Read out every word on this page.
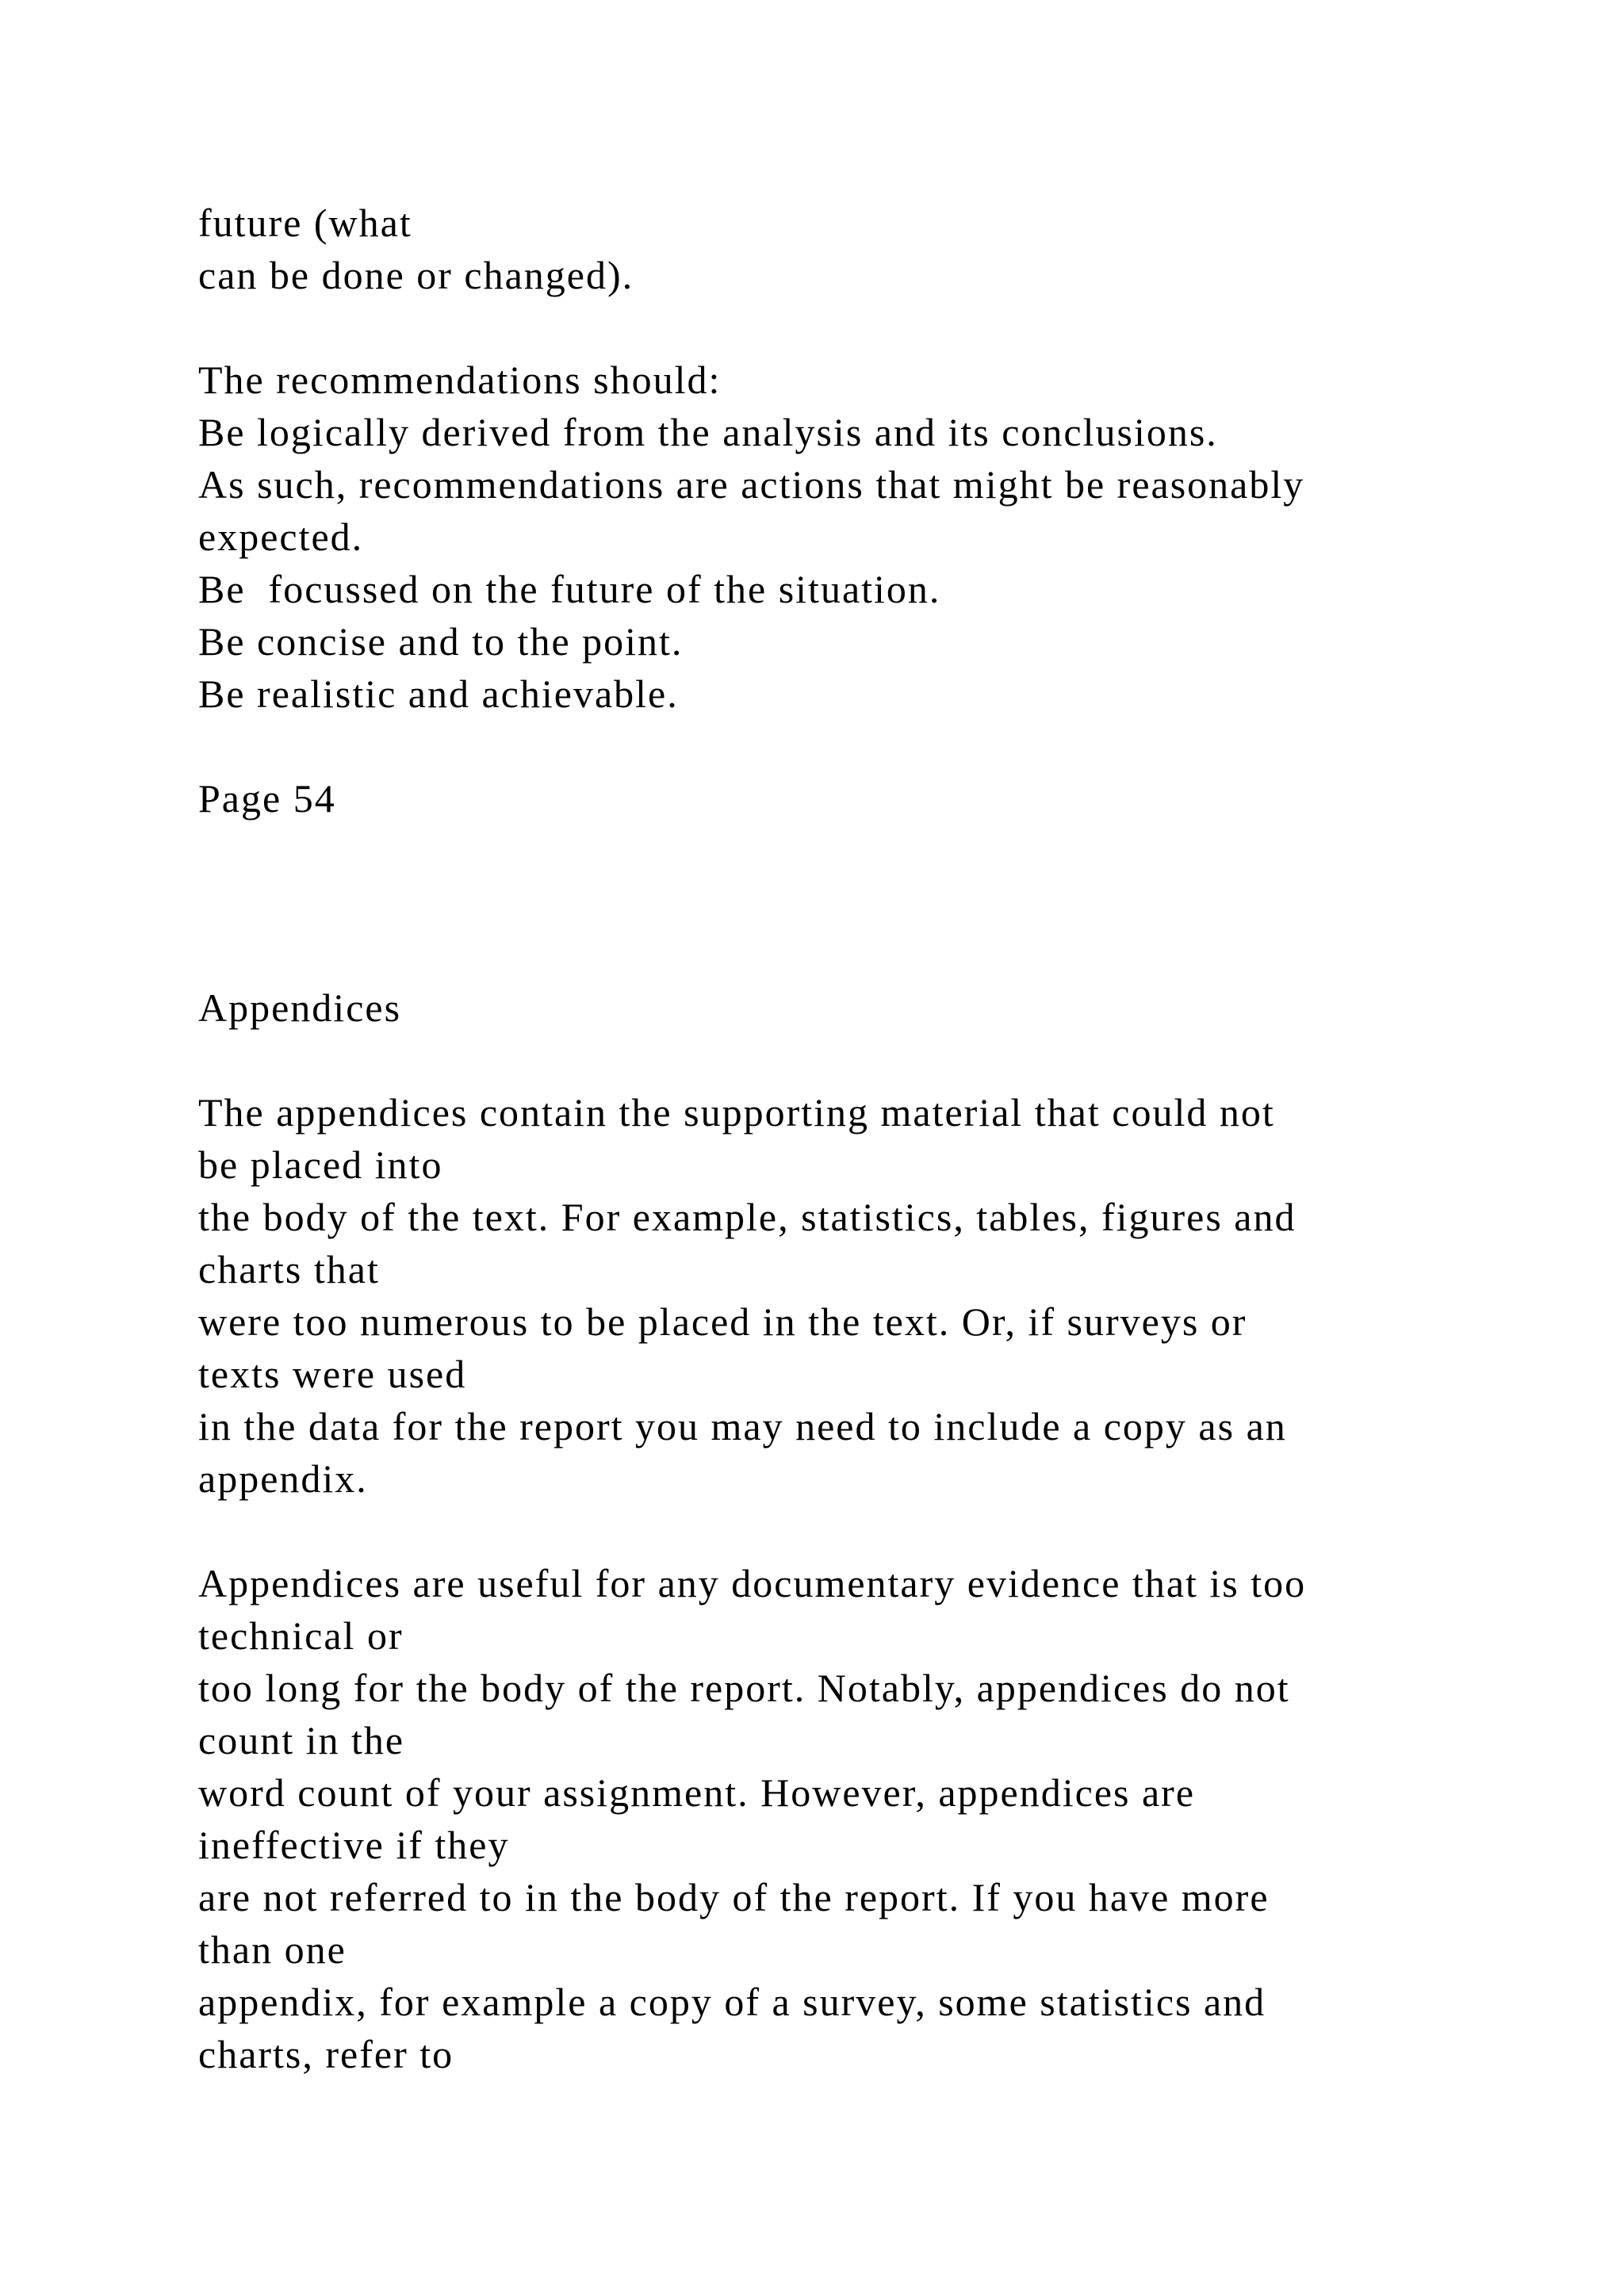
future (what
can be done or changed).
The recommendations should:
Be logically derived from the analysis and its conclusions.
As such, recommendations are actions that might be reasonably
expected.
Be  focussed on the future of the situation.
Be concise and to the point.
Be realistic and achievable.
Page 54
Appendices
The appendices contain the supporting material that could not
be placed into
the body of the text. For example, statistics, tables, figures and
charts that
were too numerous to be placed in the text. Or, if surveys or
texts were used
in the data for the report you may need to include a copy as an
appendix.
Appendices are useful for any documentary evidence that is too
technical or
too long for the body of the report. Notably, appendices do not
count in the
word count of your assignment. However, appendices are
ineffective if they
are not referred to in the body of the report. If you have more
than one
appendix, for example a copy of a survey, some statistics and
charts, refer to
